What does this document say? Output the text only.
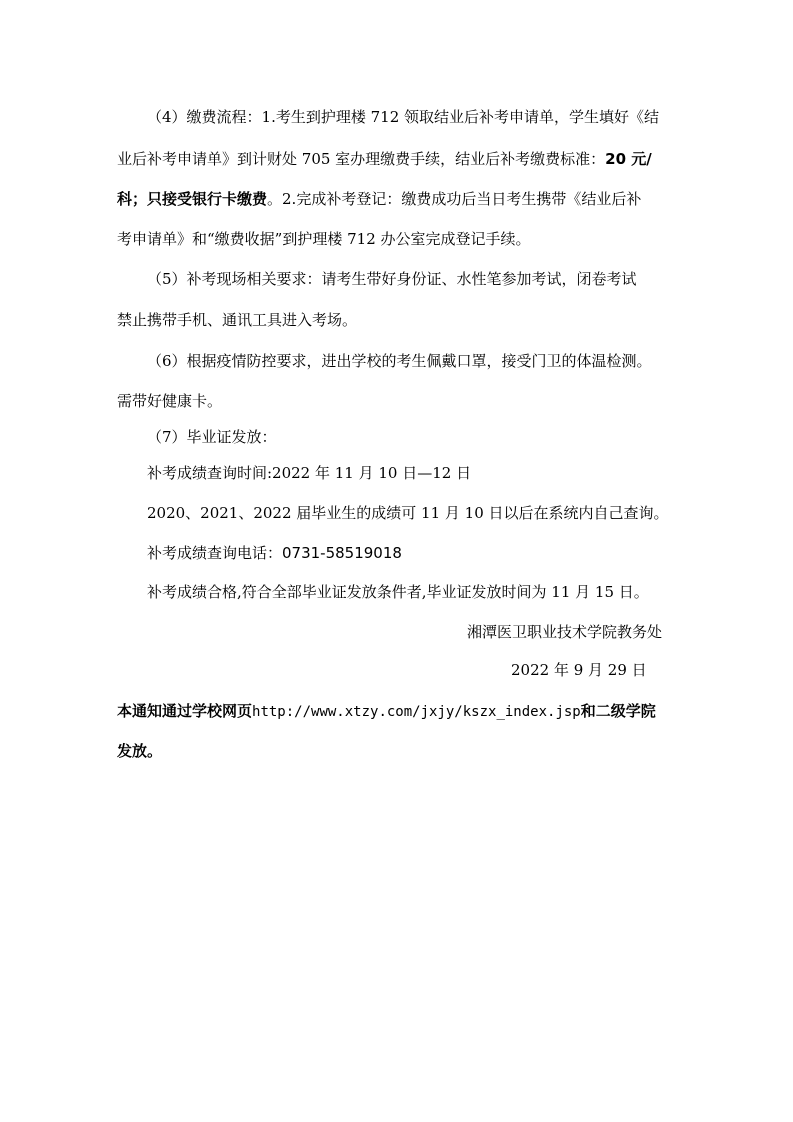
（4）缴费流程：1.考生到护理楼 712 领取结业后补考申请单，学生填好《结
业后补考申请单》到计财处 705 室办理缴费手续，结业后补考缴费标准：20 元/
科；只接受银行卡缴费。2.完成补考登记：缴费成功后当日考生携带《结业后补
考申请单》和“缴费收据”到护理楼 712 办公室完成登记手续。
（5）补考现场相关要求：请考生带好身份证、水性笔参加考试，闭卷考试
禁止携带手机、通讯工具进入考场。
（6）根据疫情防控要求，进出学校的考生佩戴口罩，接受门卫的体温检测。
需带好健康卡。
（7）毕业证发放：
补考成绩查询时间:2022 年 11 月 10 日—12 日
2020、2021、2022 届毕业生的成绩可 11 月 10 日以后在系统内自己查询。
补考成绩查询电话：0731-58519018
补考成绩合格,符合全部毕业证发放条件者,毕业证发放时间为 11 月 15 日。
湘潭医卫职业技术学院教务处
2022 年 9 月 29 日
本通知通过学校网页http://www.xtzy.com/jxjy/kszx_index.jsp和二级学院
发放。
